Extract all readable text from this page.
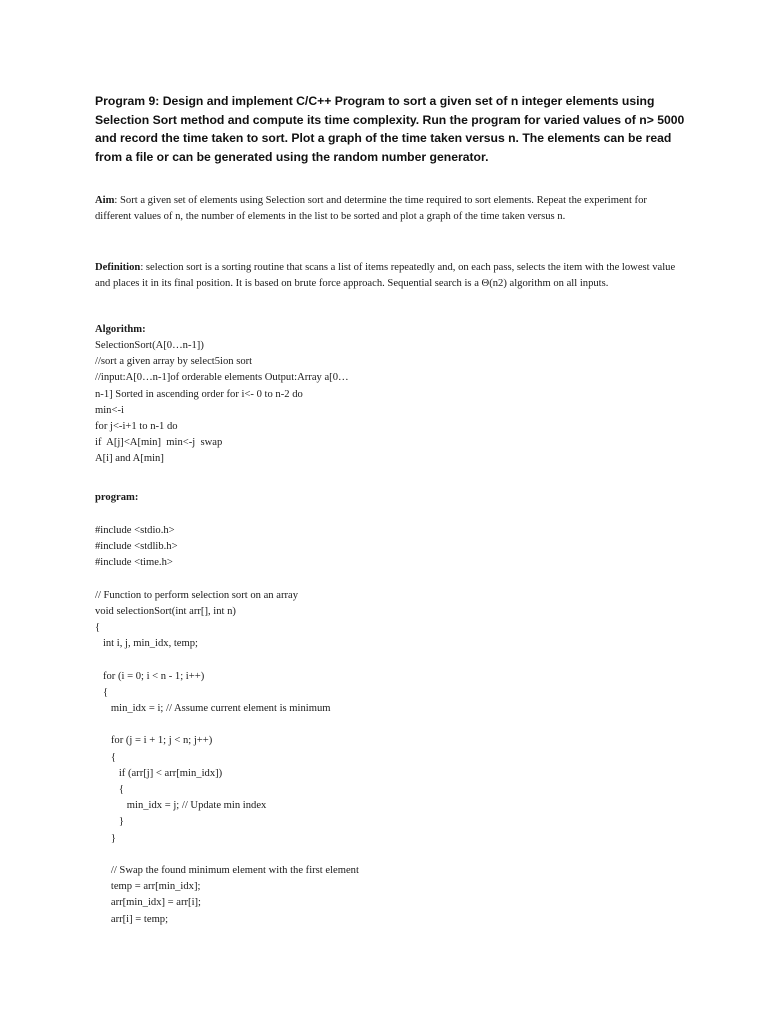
Program 9: Design and implement C/C++ Program to sort a given set of n integer elements using Selection Sort method and compute its time complexity. Run the program for varied values of n> 5000 and record the time taken to sort. Plot a graph of the time taken versus n. The elements can be read from a file or can be generated using the random number generator.

Aim: Sort a given set of elements using Selection sort and determine the time required to sort elements. Repeat the experiment for different values of n, the number of elements in the list to be sorted and plot a graph of the time taken versus n.

Definition: selection sort is a sorting routine that scans a list of items repeatedly and, on each pass, selects the item with the lowest value and places it in its final position. It is based on brute force approach. Sequential search is a Θ(n2) algorithm on all inputs.

Algorithm:

SelectionSort(A[0…n-1])
//sort a given array by select5ion sort
//input:A[0…n-1]of orderable elements Output:Array a[0…
n-1] Sorted in ascending order for i<- 0 to n-2 do
min<-i
for j<-i+1 to n-1 do
if  A[j]<A[min]  min<-j  swap
A[i] and A[min]

program:

#include <stdio.h>
#include <stdlib.h>
#include <time.h>
// Function to perform selection sort on an array
void selectionSort(int arr[], int n)
{
int i, j, min_idx, temp;
for (i = 0; i < n - 1; i++)
{
min_idx = i; // Assume current element is minimum
for (j = i + 1; j < n; j++)
{
if (arr[j] < arr[min_idx])
{
min_idx = j; // Update min index
}
}
// Swap the found minimum element with the first element
temp = arr[min_idx];
arr[min_idx] = arr[i];
arr[i] = temp;
